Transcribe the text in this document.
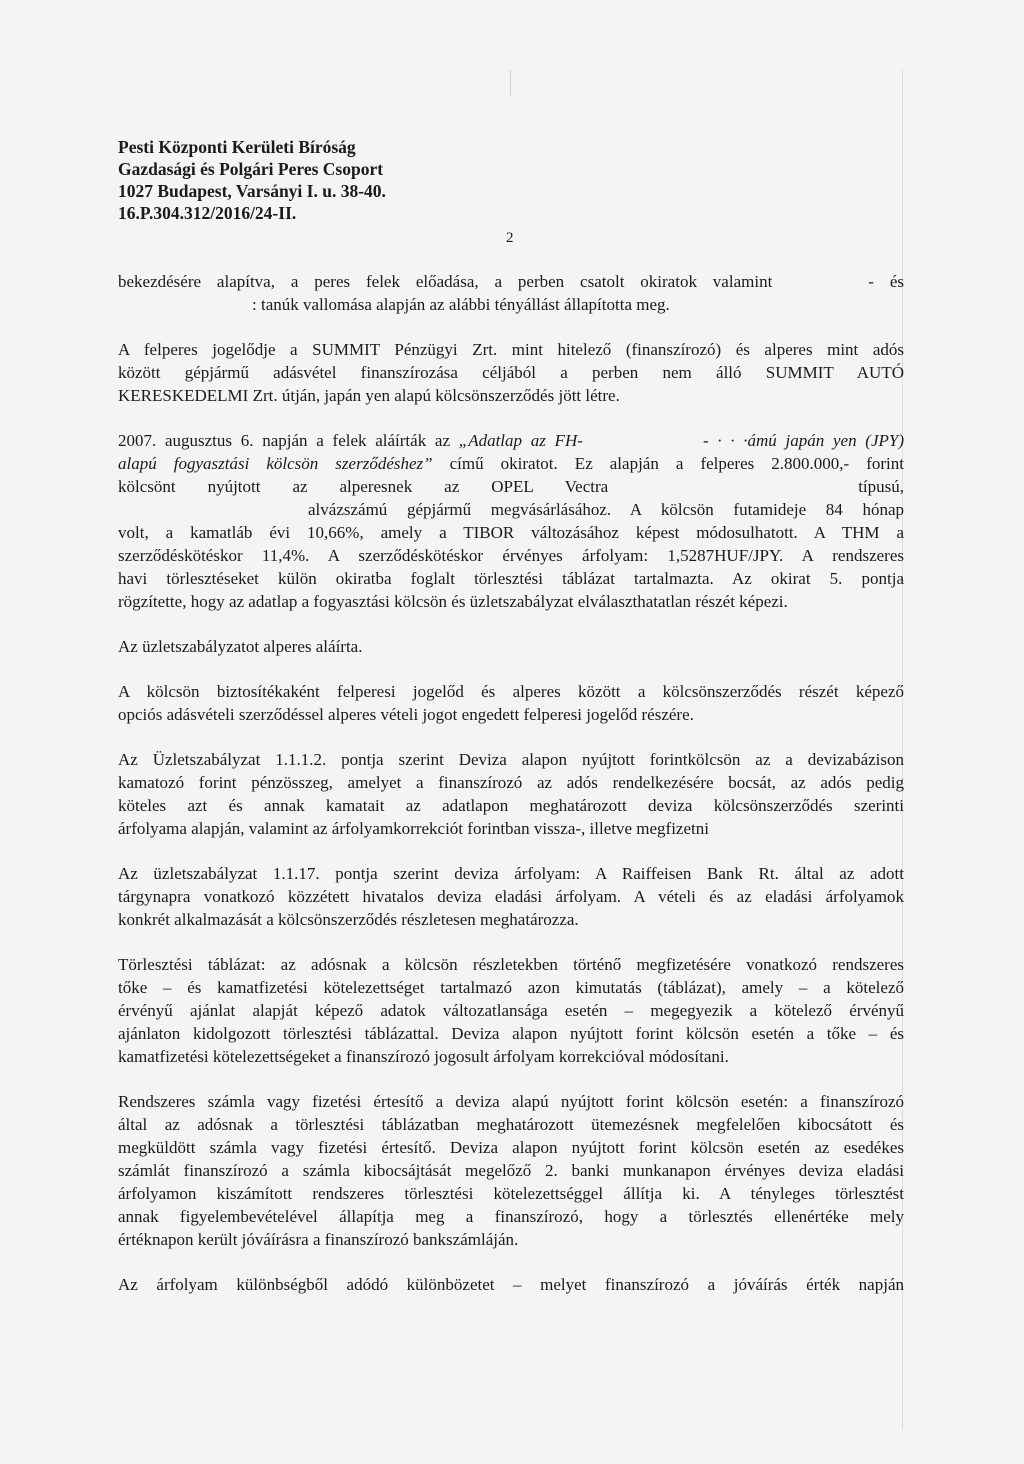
Pesti Központi Kerületi Bíróság
Gazdasági és Polgári Peres Csoport
1027 Budapest, Varsányi I. u. 38-40.
16.P.304.312/2016/24-II.
2

bekezdésére alapítva, a peres felek előadása, a perben csatolt okiratok valamint	- és
: tanúk vallomása alapján az alábbi tényállást állapította meg.

A felperes jogelődje a SUMMIT Pénzügyi Zrt. mint hitelező (finanszírozó) és alperes mint adós
között gépjármű adásvétel finanszírozása céljából a perben nem álló SUMMIT AUTÓ
KERESKEDELMI Zrt. útján, japán yen alapú kölcsönszerződés jött létre.

2007. augusztus 6. napján a felek aláírták az „Adatlap az FH-	- · · ·ámú japán yen (JPY)
alapú fogyasztási kölcsön szerződéshez” című okiratot. Ez alapján a felperes 2.800.000,- forint
kölcsönt nyújtott az alperesnek az OPEL Vectra	típusú,
alvázszámú gépjármű megvásárlásához. A kölcsön futamideje 84 hónap
volt, a kamatláb évi 10,66%, amely a TIBOR változásához képest módosulhatott. A THM a
szerződéskötéskor 11,4%. A szerződéskötéskor érvényes árfolyam: 1,5287HUF/JPY. A rendszeres
havi törlesztéseket külön okiratba foglalt törlesztési táblázat tartalmazta. Az okirat 5. pontja
rögzítette, hogy az adatlap a fogyasztási kölcsön és üzletszabályzat elválaszthatatlan részét képezi.

Az üzletszabályzatot alperes aláírta.

A kölcsön biztosítékaként felperesi jogelőd és alperes között a kölcsönszerződés részét képező
opciós adásvételi szerződéssel alperes vételi jogot engedett felperesi jogelőd részére.

Az Üzletszabályzat 1.1.1.2. pontja szerint Deviza alapon nyújtott forintkölcsön az a devizabázison
kamatozó forint pénzösszeg, amelyet a finanszírozó az adós rendelkezésére bocsát, az adós pedig
köteles azt és annak kamatait az adatlapon meghatározott deviza kölcsönszerződés szerinti
árfolyama alapján, valamint az árfolyamkorrekciót forintban vissza-, illetve megfizetni

Az üzletszabályzat 1.1.17. pontja szerint deviza árfolyam: A Raiffeisen Bank Rt. által az adott
tárgynapra vonatkozó közzétett hivatalos deviza eladási árfolyam. A vételi és az eladási árfolyamok
konkrét alkalmazását a kölcsönszerződés részletesen meghatározza.

Törlesztési táblázat: az adósnak a kölcsön részletekben történő megfizetésére vonatkozó rendszeres
tőke – és kamatfizetési kötelezettséget tartalmazó azon kimutatás (táblázat), amely – a kötelező
érvényű ajánlat alapját képező adatok változatlansága esetén – megegyezik a kötelező érvényű
ajánlaton kidolgozott törlesztési táblázattal. Deviza alapon nyújtott forint kölcsön esetén a tőke – és
kamatfizetési kötelezettségeket a finanszírozó jogosult árfolyam korrekcióval módosítani.

Rendszeres számla vagy fizetési értesítő a deviza alapú nyújtott forint kölcsön esetén: a finanszírozó
által az adósnak a törlesztési táblázatban meghatározott ütemezésnek megfelelően kibocsátott és
megküldött számla vagy fizetési értesítő. Deviza alapon nyújtott forint kölcsön esetén az esedékes
számlát finanszírozó a számla kibocsájtását megelőző 2. banki munkanapon érvényes deviza eladási
árfolyamon kiszámított rendszeres törlesztési kötelezettséggel állítja ki. A tényleges törlesztést
annak figyelembevételével állapítja meg a finanszírozó, hogy a törlesztés ellenértéke mely
értéknapon került jóváírásra a finanszírozó bankszámláján.

Az árfolyam különbségből adódó különbözetet – melyet finanszírozó a jóváírás érték napján
